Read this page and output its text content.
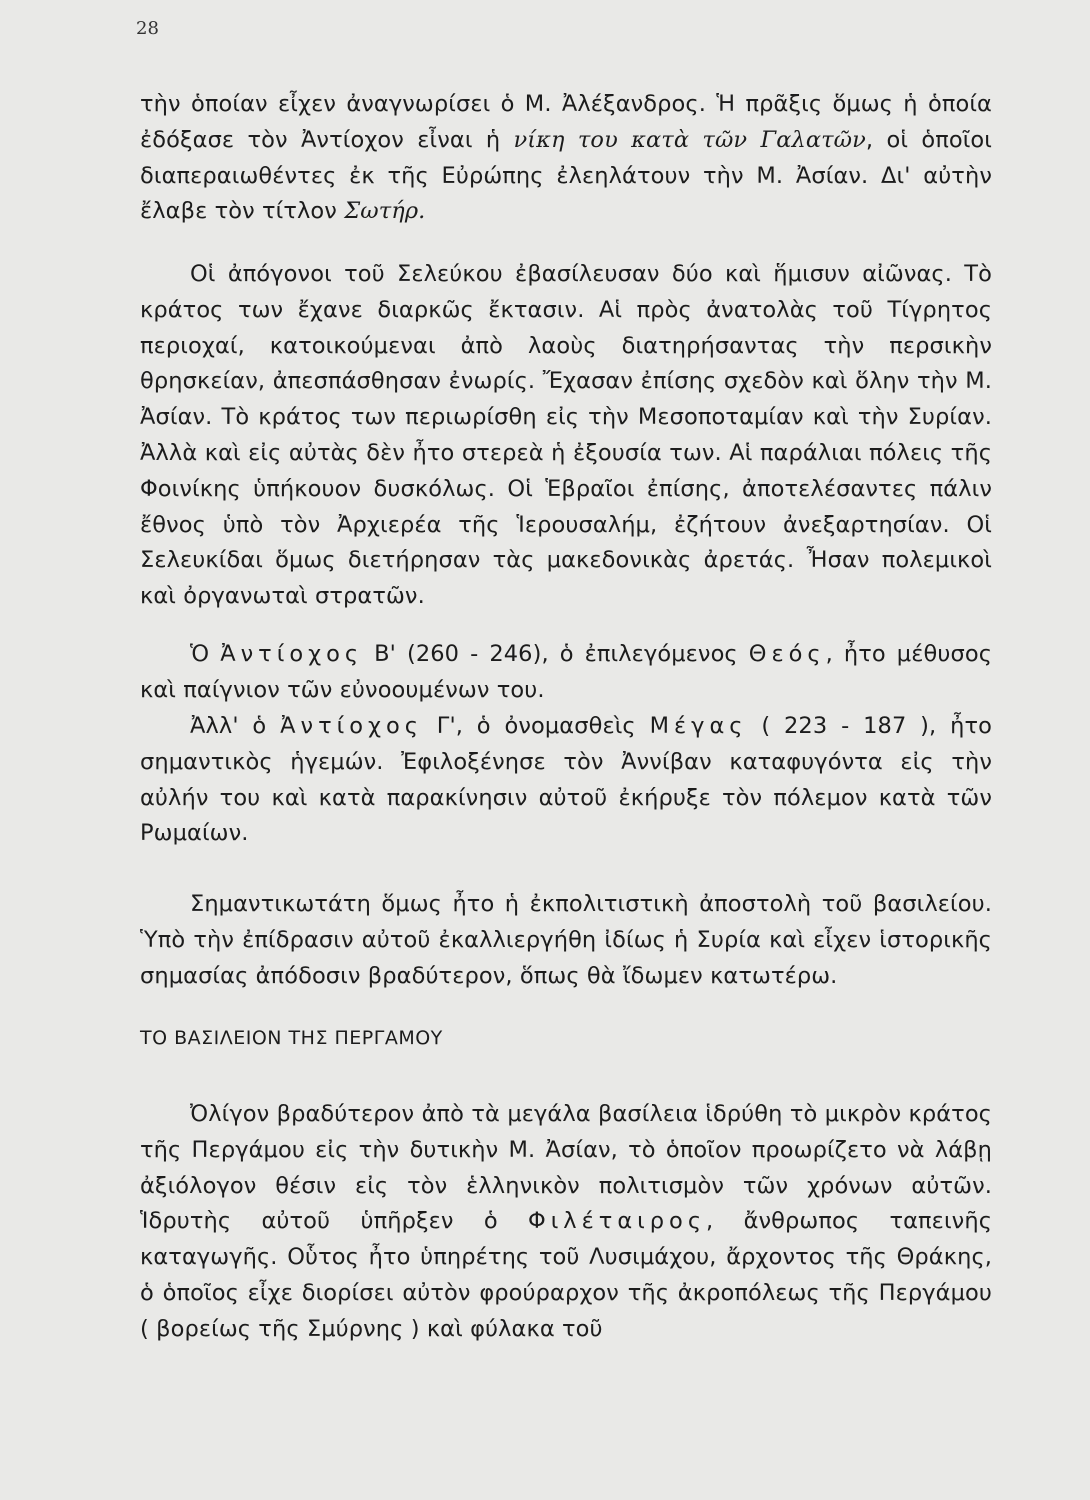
28

τὴν ὁποίαν εἶχεν ἀναγνωρίσει ὁ Μ. Ἀλέξανδρος. Ἡ πρᾶξις ὅμως ἡ ὁποία ἐδόξασε τὸν Ἀντίοχον εἶναι ἡ νίκη του κατὰ τῶν Γαλατῶν, οἱ ὁποῖοι διαπεραιωθέντες ἐκ τῆς Εὐρώπης ἐλεηλάτουν τὴν Μ. Ἀσίαν. Δι' αὐτὴν ἔλαβε τὸν τίτλον Σωτήρ.

Οἱ ἀπόγονοι τοῦ Σελεύκου ἐβασίλευσαν δύο καὶ ἥμισυν αἰῶνας. Τὸ κράτος των ἔχανε διαρκῶς ἔκτασιν. Αἱ πρὸς ἀνατολὰς τοῦ Τίγρητος περιοχαί, κατοικούμεναι ἀπὸ λαοὺς διατηρήσαντας τὴν περσικὴν θρησκείαν, ἀπεσπάσθησαν ἐνωρίς. Ἔχασαν ἐπίσης σχεδὸν καὶ ὅλην τὴν Μ. Ἀσίαν. Τὸ κράτος των περιωρίσθη εἰς τὴν Μεσοποταμίαν καὶ τὴν Συρίαν. Ἀλλὰ καὶ εἰς αὐτὰς δὲν ἦτο στερεὰ ἡ ἐξουσία των. Αἱ παράλιαι πόλεις τῆς Φοινίκης ὑπήκουον δυσκόλως. Οἱ Ἑβραῖοι ἐπίσης, ἀποτελέσαντες πάλιν ἔθνος ὑπὸ τὸν Ἀρχιερέα τῆς Ἱερουσαλήμ, ἐζήτουν ἀνεξαρτησίαν. Οἱ Σελευκίδαι ὅμως διετήρησαν τὰς μακεδονικὰς ἀρετάς. Ἦσαν πολεμικοὶ καὶ ὀργανωταὶ στρατῶν.

Ὁ Ἀντίοχος Β' (260 - 246), ὁ ἐπιλεγόμενος Θεός, ἦτο μέθυσος καὶ παίγνιον τῶν εὐνοουμένων του.

Ἀλλ' ὁ Ἀντίοχος Γ', ὁ ὀνομασθεὶς Μέγας ( 223 - 187 ), ἦτο σημαντικὸς ἡγεμών. Ἐφιλοξένησε τὸν Ἀννίβαν καταφυγόντα εἰς τὴν αὐλήν του καὶ κατὰ παρακίνησιν αὐτοῦ ἐκήρυξε τὸν πόλεμον κατὰ τῶν Ρωμαίων.

Σημαντικωτάτη ὅμως ἦτο ἡ ἐκπολιτιστικὴ ἀποστολὴ τοῦ βασιλείου. Ὑπὸ τὴν ἐπίδρασιν αὐτοῦ ἐκαλλιεργήθη ἰδίως ἡ Συρία καὶ εἶχεν ἱστορικῆς σημασίας ἀπόδοσιν βραδύτερον, ὅπως θὰ ἴδωμεν κατωτέρω.

ΤΟ ΒΑΣΙΛΕΙΟΝ ΤΗΣ ΠΕΡΓΑΜΟΥ

Ὀλίγον βραδύτερον ἀπὸ τὰ μεγάλα βασίλεια ἱδρύθη τὸ μικρὸν κράτος τῆς Περγάμου εἰς τὴν δυτικὴν Μ. Ἀσίαν, τὸ ὁποῖον προωρίζετο νὰ λάβῃ ἀξιόλογον θέσιν εἰς τὸν ἑλληνικὸν πολιτισμὸν τῶν χρόνων αὐτῶν. Ἱδρυτὴς αὐτοῦ ὑπῆρξεν ὁ Φιλέταιρος, ἄνθρωπος ταπεινῆς καταγωγῆς. Οὗτος ἦτο ὑπηρέτης τοῦ Λυσιμάχου, ἄρχοντος τῆς Θράκης, ὁ ὁποῖος εἶχε διορίσει αὐτὸν φρούραρχον τῆς ἀκροπόλεως τῆς Περγάμου ( βορείως τῆς Σμύρνης ) καὶ φύλακα τοῦ
